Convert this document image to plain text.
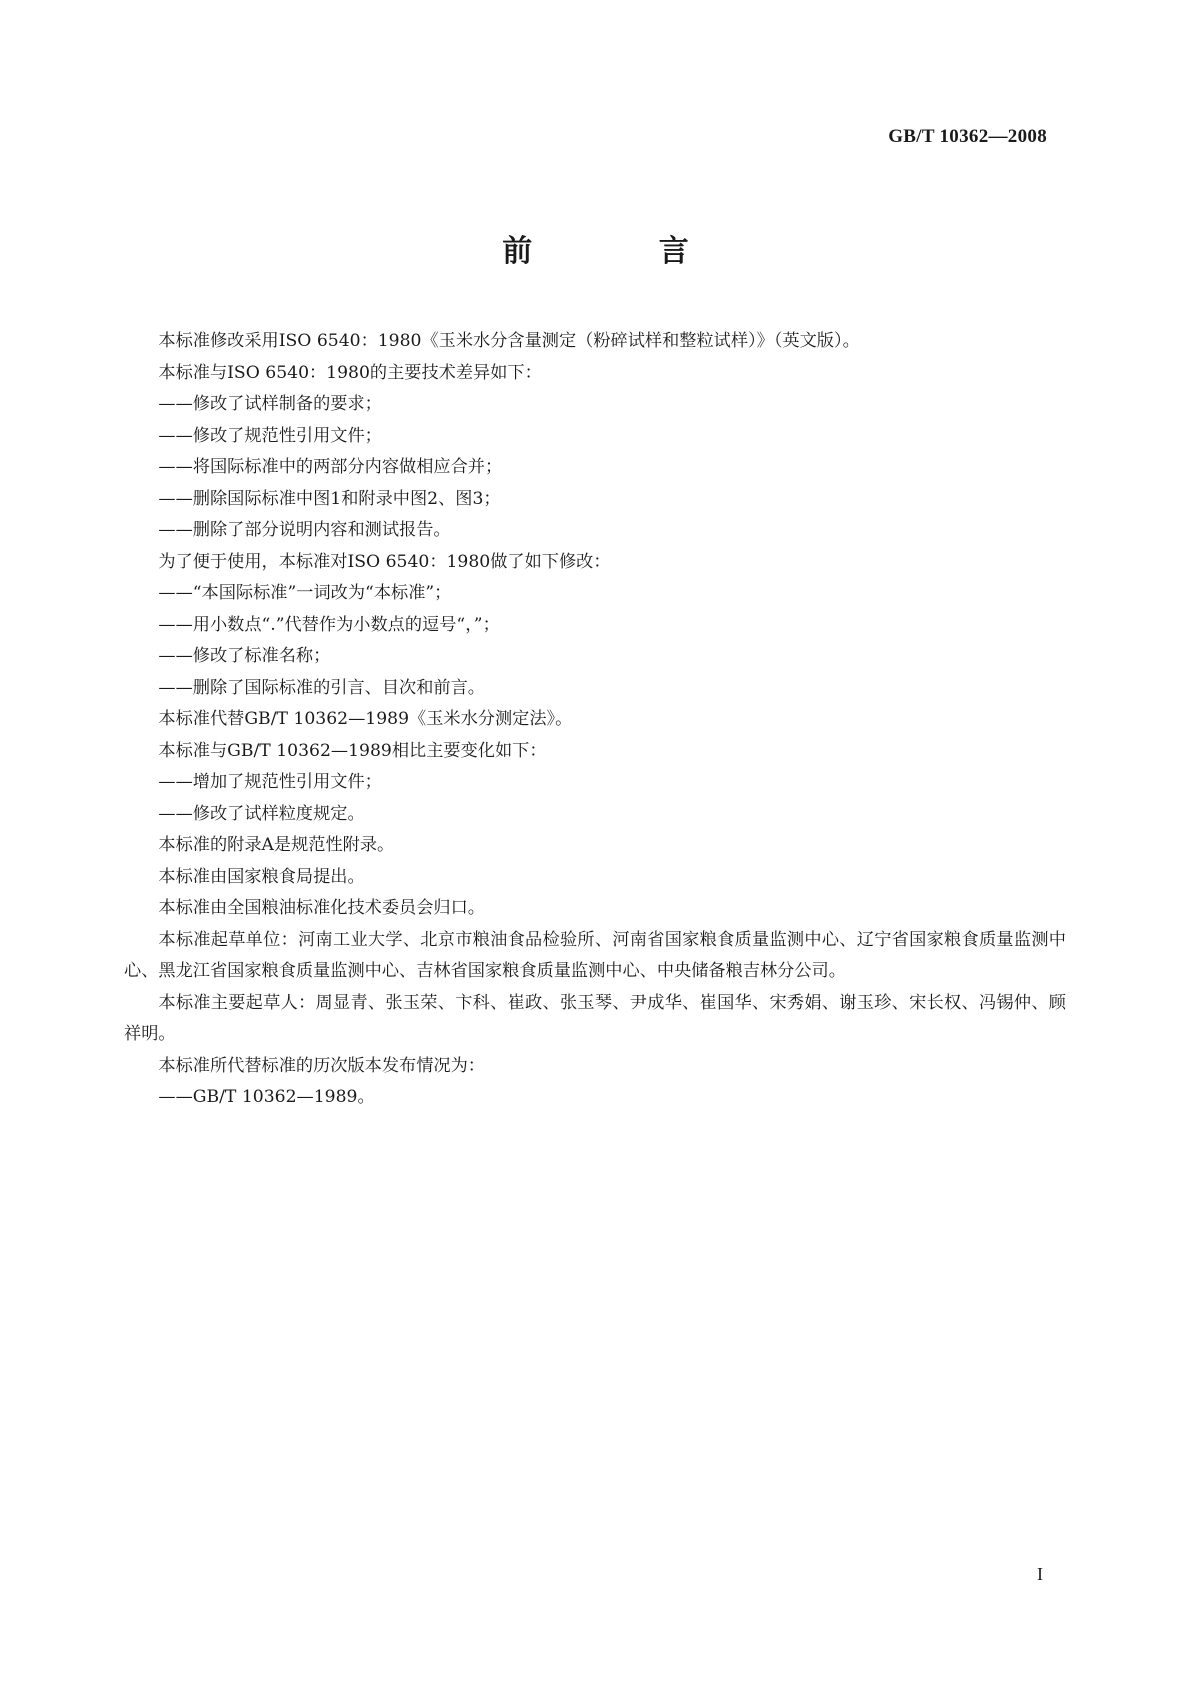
GB/T 10362—2008
前 言

本标准修改采用ISO 6540：1980《玉米水分含量测定（粉碎试样和整粒试样）》（英文版）。

本标准与ISO 6540：1980的主要技术差异如下：

——修改了试样制备的要求；

——修改了规范性引用文件；

——将国际标准中的两部分内容做相应合并；

——删除国际标准中图1和附录中图2、图3；

——删除了部分说明内容和测试报告。

为了便于使用，本标准对ISO 6540：1980做了如下修改：

——“本国际标准”一词改为“本标准”；

——用小数点“.”代替作为小数点的逗号“，”；

——修改了标准名称；

——删除了国际标准的引言、目次和前言。

本标准代替GB/T 10362—1989《玉米水分测定法》。

本标准与GB/T 10362—1989相比主要变化如下：

——增加了规范性引用文件；

——修改了试样粒度规定。

本标准的附录A是规范性附录。

本标准由国家粮食局提出。

本标准由全国粮油标准化技术委员会归口。

本标准起草单位：河南工业大学、北京市粮油食品检验所、河南省国家粮食质量监测中心、辽宁省国家粮食质量监测中心、黑龙江省国家粮食质量监测中心、吉林省国家粮食质量监测中心、中央储备粮吉林分公司。

本标准主要起草人：周显青、张玉荣、卞科、崔政、张玉琴、尹成华、崔国华、宋秀娟、谢玉珍、宋长权、冯锡仲、顾祥明。

本标准所代替标准的历次版本发布情况为：

——GB/T 10362—1989。

I
